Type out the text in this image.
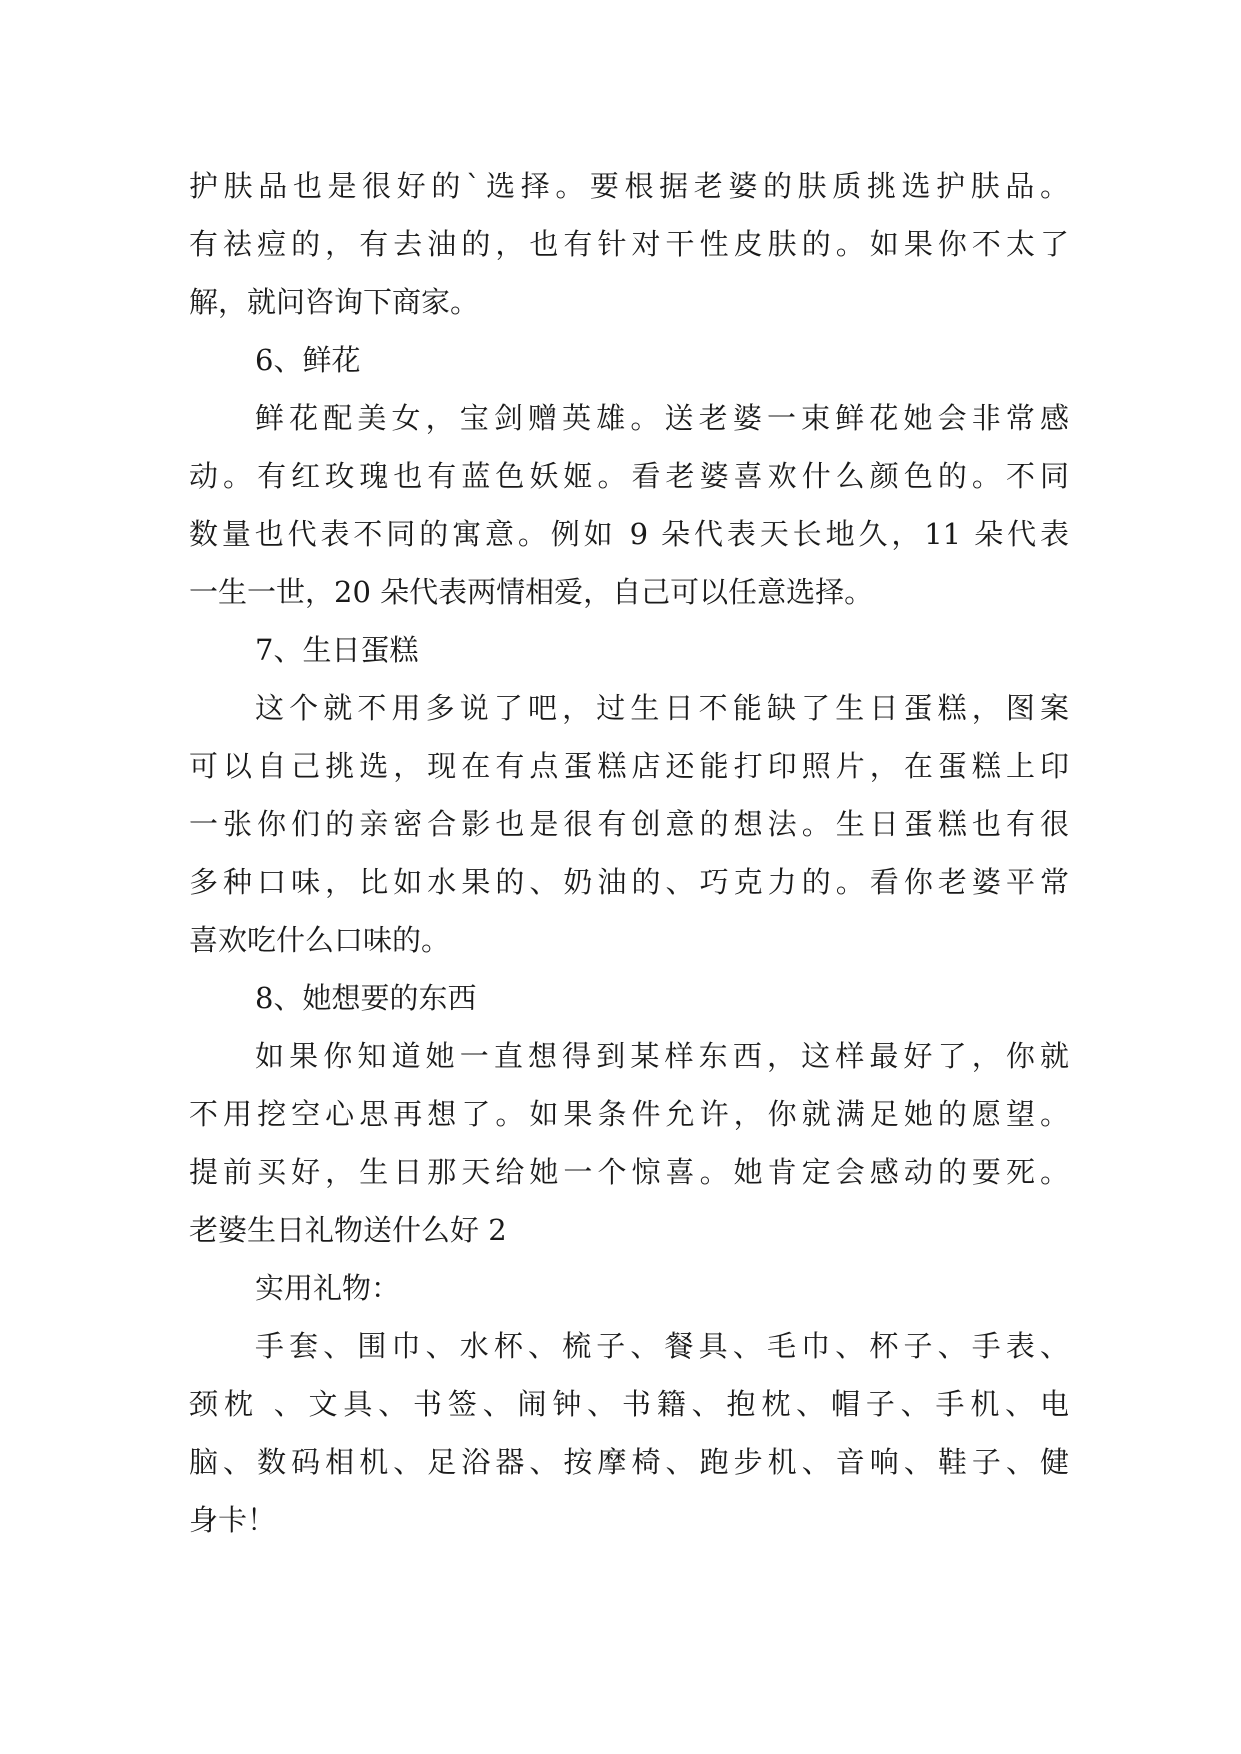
护肤品也是很好的`选择。要根据老婆的肤质挑选护肤品。
有祛痘的，有去油的，也有针对干性皮肤的。如果你不太了
解，就问咨询下商家。
6、鲜花
鲜花配美女，宝剑赠英雄。送老婆一束鲜花她会非常感
动。有红玫瑰也有蓝色妖姬。看老婆喜欢什么颜色的。不同
数量也代表不同的寓意。例如 9 朵代表天长地久，11 朵代表
一生一世，20 朵代表两情相爱，自己可以任意选择。
7、生日蛋糕
这个就不用多说了吧，过生日不能缺了生日蛋糕，图案
可以自己挑选，现在有点蛋糕店还能打印照片，在蛋糕上印
一张你们的亲密合影也是很有创意的想法。生日蛋糕也有很
多种口味，比如水果的、奶油的、巧克力的。看你老婆平常
喜欢吃什么口味的。
8、她想要的东西
如果你知道她一直想得到某样东西，这样最好了，你就
不用挖空心思再想了。如果条件允许，你就满足她的愿望。
提前买好，生日那天给她一个惊喜。她肯定会感动的要死。
老婆生日礼物送什么好 2
实用礼物：
手套、围巾、水杯、梳子、餐具、毛巾、杯子、手表、
颈枕 、文具、书签、闹钟、书籍、抱枕、帽子、手机、电
脑、数码相机、足浴器、按摩椅、跑步机、音响、鞋子、健
身卡！
